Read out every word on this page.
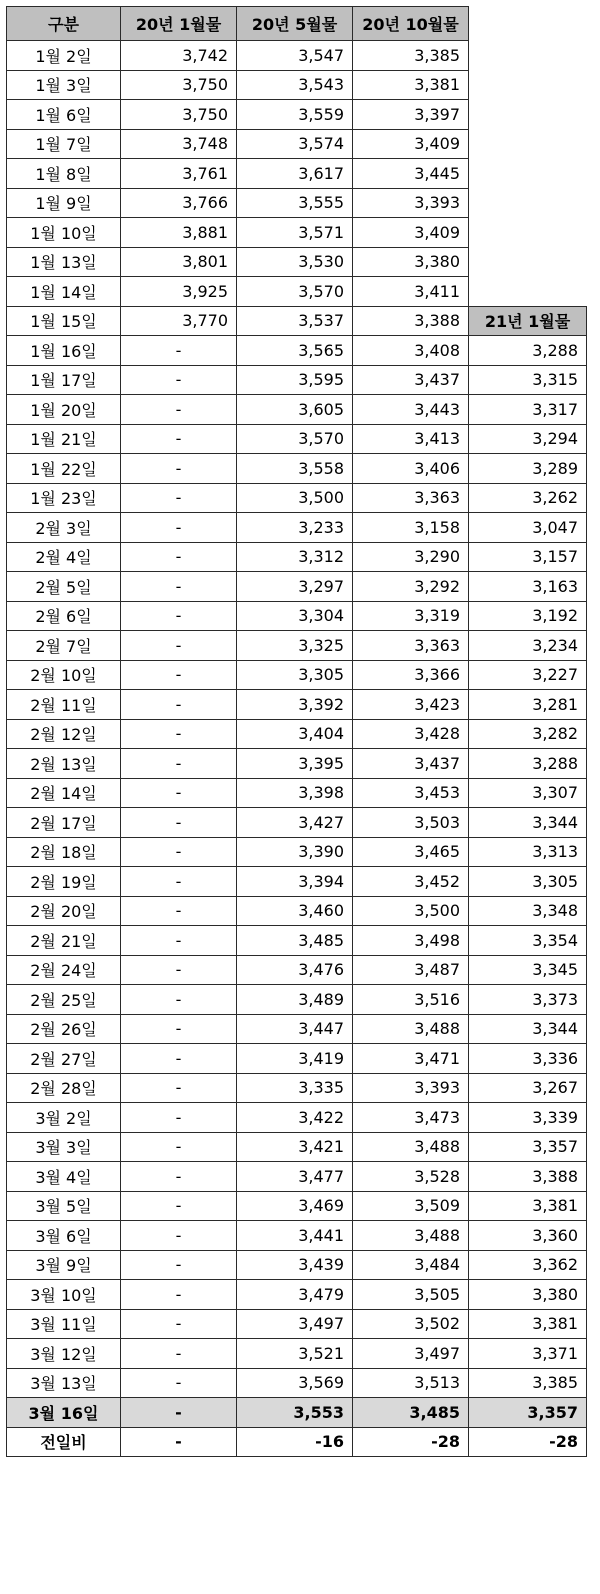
구분	20년 1월물	20년 5월물	20년 10월물	
1월 2일	3,742	3,547	3,385	
1월 3일	3,750	3,543	3,381	
1월 6일	3,750	3,559	3,397	
1월 7일	3,748	3,574	3,409	
1월 8일	3,761	3,617	3,445	
1월 9일	3,766	3,555	3,393	
1월 10일	3,881	3,571	3,409	
1월 13일	3,801	3,530	3,380	
1월 14일	3,925	3,570	3,411	
1월 15일	3,770	3,537	3,388	21년 1월물
1월 16일	-	3,565	3,408	3,288
1월 17일	-	3,595	3,437	3,315
1월 20일	-	3,605	3,443	3,317
1월 21일	-	3,570	3,413	3,294
1월 22일	-	3,558	3,406	3,289
1월 23일	-	3,500	3,363	3,262
2월 3일	-	3,233	3,158	3,047
2월 4일	-	3,312	3,290	3,157
2월 5일	-	3,297	3,292	3,163
2월 6일	-	3,304	3,319	3,192
2월 7일	-	3,325	3,363	3,234
2월 10일	-	3,305	3,366	3,227
2월 11일	-	3,392	3,423	3,281
2월 12일	-	3,404	3,428	3,282
2월 13일	-	3,395	3,437	3,288
2월 14일	-	3,398	3,453	3,307
2월 17일	-	3,427	3,503	3,344
2월 18일	-	3,390	3,465	3,313
2월 19일	-	3,394	3,452	3,305
2월 20일	-	3,460	3,500	3,348
2월 21일	-	3,485	3,498	3,354
2월 24일	-	3,476	3,487	3,345
2월 25일	-	3,489	3,516	3,373
2월 26일	-	3,447	3,488	3,344
2월 27일	-	3,419	3,471	3,336
2월 28일	-	3,335	3,393	3,267
3월 2일	-	3,422	3,473	3,339
3월 3일	-	3,421	3,488	3,357
3월 4일	-	3,477	3,528	3,388
3월 5일	-	3,469	3,509	3,381
3월 6일	-	3,441	3,488	3,360
3월 9일	-	3,439	3,484	3,362
3월 10일	-	3,479	3,505	3,380
3월 11일	-	3,497	3,502	3,381
3월 12일	-	3,521	3,497	3,371
3월 13일	-	3,569	3,513	3,385
3월 16일	-	3,553	3,485	3,357
전일비	-	-16	-28	-28
